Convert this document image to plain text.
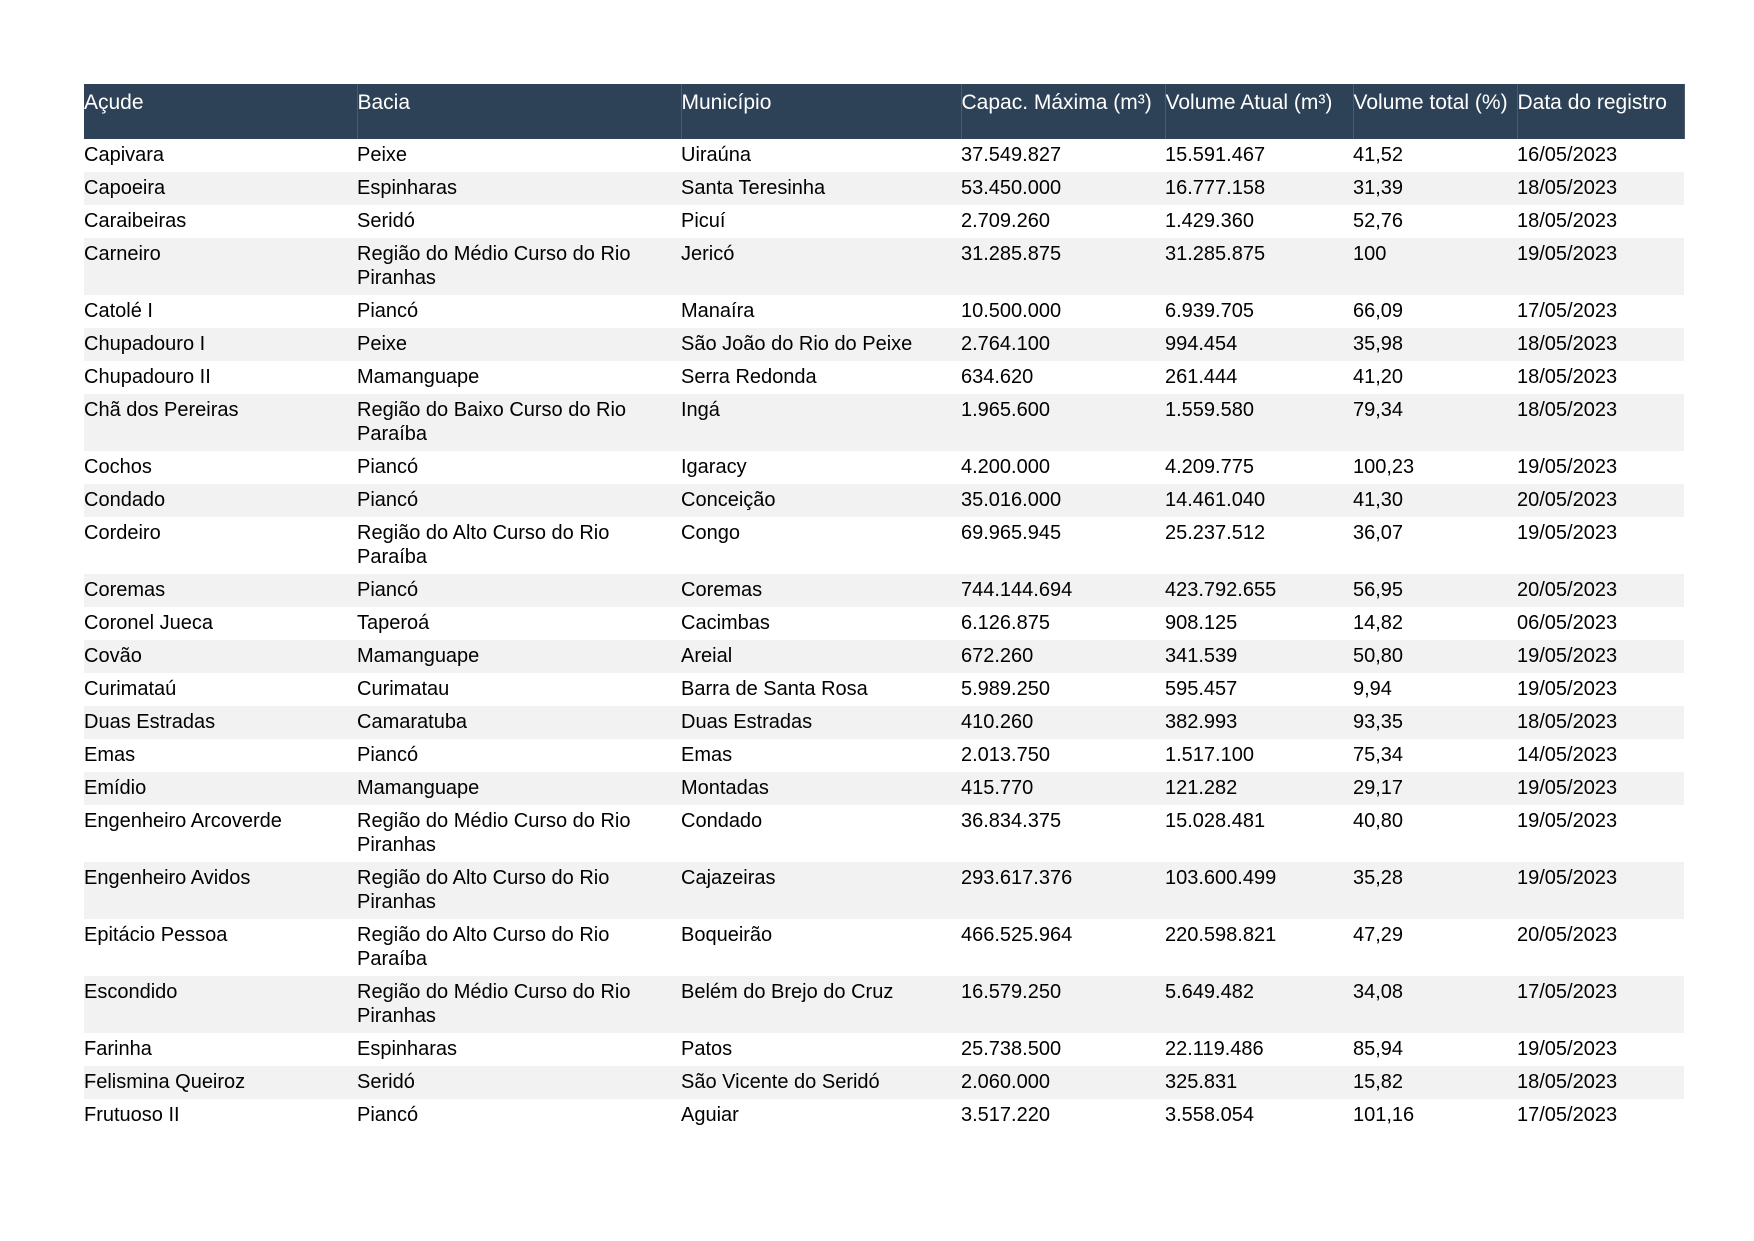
Açude	Bacia	Município	Capac. Máxima (m³)	Volume Atual (m³)	Volume total (%)	Data do registro
Capivara	Peixe	Uiraúna	37.549.827	15.591.467	41,52	16/05/2023
Capoeira	Espinharas	Santa Teresinha	53.450.000	16.777.158	31,39	18/05/2023
Caraibeiras	Seridó	Picuí	2.709.260	1.429.360	52,76	18/05/2023
Carneiro	Região do Médio Curso do Rio Piranhas	Jericó	31.285.875	31.285.875	100	19/05/2023
Catolé I	Piancó	Manaíra	10.500.000	6.939.705	66,09	17/05/2023
Chupadouro I	Peixe	São João do Rio do Peixe	2.764.100	994.454	35,98	18/05/2023
Chupadouro II	Mamanguape	Serra Redonda	634.620	261.444	41,20	18/05/2023
Chã dos Pereiras	Região do Baixo Curso do Rio Paraíba	Ingá	1.965.600	1.559.580	79,34	18/05/2023
Cochos	Piancó	Igaracy	4.200.000	4.209.775	100,23	19/05/2023
Condado	Piancó	Conceição	35.016.000	14.461.040	41,30	20/05/2023
Cordeiro	Região do Alto Curso do Rio Paraíba	Congo	69.965.945	25.237.512	36,07	19/05/2023
Coremas	Piancó	Coremas	744.144.694	423.792.655	56,95	20/05/2023
Coronel Jueca	Taperoá	Cacimbas	6.126.875	908.125	14,82	06/05/2023
Covão	Mamanguape	Areial	672.260	341.539	50,80	19/05/2023
Curimataú	Curimatau	Barra de Santa Rosa	5.989.250	595.457	9,94	19/05/2023
Duas Estradas	Camaratuba	Duas Estradas	410.260	382.993	93,35	18/05/2023
Emas	Piancó	Emas	2.013.750	1.517.100	75,34	14/05/2023
Emídio	Mamanguape	Montadas	415.770	121.282	29,17	19/05/2023
Engenheiro Arcoverde	Região do Médio Curso do Rio Piranhas	Condado	36.834.375	15.028.481	40,80	19/05/2023
Engenheiro Avidos	Região do Alto Curso do Rio Piranhas	Cajazeiras	293.617.376	103.600.499	35,28	19/05/2023
Epitácio Pessoa	Região do Alto Curso do Rio Paraíba	Boqueirão	466.525.964	220.598.821	47,29	20/05/2023
Escondido	Região do Médio Curso do Rio Piranhas	Belém do Brejo do Cruz	16.579.250	5.649.482	34,08	17/05/2023
Farinha	Espinharas	Patos	25.738.500	22.119.486	85,94	19/05/2023
Felismina Queiroz	Seridó	São Vicente do Seridó	2.060.000	325.831	15,82	18/05/2023
Frutuoso II	Piancó	Aguiar	3.517.220	3.558.054	101,16	17/05/2023
